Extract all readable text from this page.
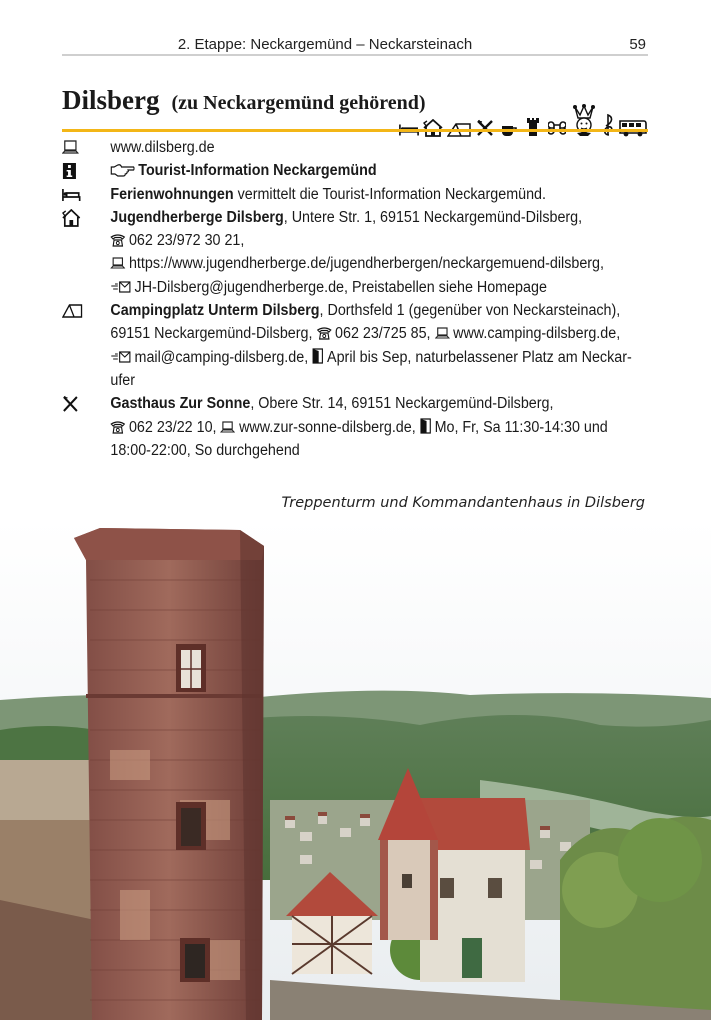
2. Etappe: Neckargemünd – Neckarsteinach	59
Dilsberg (zu Neckargemünd gehörend)
www.dilsberg.de
Tourist-Information Neckargemünd
Ferienwohnungen vermittelt die Tourist-Information Neckargemünd.
Jugendherberge Dilsberg, Untere Str. 1, 69151 Neckargemünd-Dilsberg,
062 23/972 30 21,
https://www.jugendherberge.de/jugendherbergen/neckargemuend-dilsberg,
JH-Dilsberg@jugendherberge.de, Preistabellen siehe Homepage
Campingplatz Unterm Dilsberg, Dorthsfeld 1 (gegenüber von Neckarsteinach),
69151 Neckargemünd-Dilsberg, 062 23/725 85, www.camping-dilsberg.de,
mail@camping-dilsberg.de, April bis Sep, naturbelassener Platz am Neckar-
ufer
Gasthaus Zur Sonne, Obere Str. 14, 69151 Neckargemünd-Dilsberg,
062 23/22 10, www.zur-sonne-dilsberg.de, Mo, Fr, Sa 11:30-14:30 und
18:00-22:00, So durchgehend
Treppenturm und Kommandantenhaus in Dilsberg
